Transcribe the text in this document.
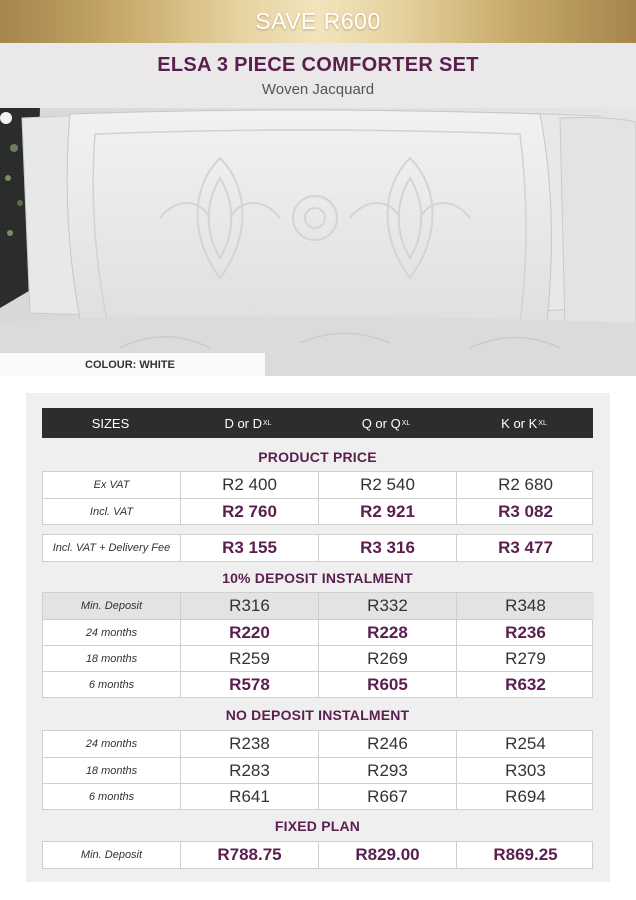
SAVE R600
ELSA 3 PIECE COMFORTER SET
Woven Jacquard
COLOUR: WHITE
SIZES	D or D XL	Q or Q XL	K or K XL
PRODUCT PRICE
Ex VAT	R2 400	R2 540	R2 680
Incl. VAT	R2 760	R2 921	R3 082
Incl. VAT + Delivery Fee	R3 155	R3 316	R3 477
10% DEPOSIT INSTALMENT
Min. Deposit	R316	R332	R348
24 months	R220	R228	R236
18 months	R259	R269	R279
6 months	R578	R605	R632
NO DEPOSIT INSTALMENT
24 months	R238	R246	R254
18 months	R283	R293	R303
6 months	R641	R667	R694
FIXED PLAN
Min. Deposit	R788.75	R829.00	R869.25
